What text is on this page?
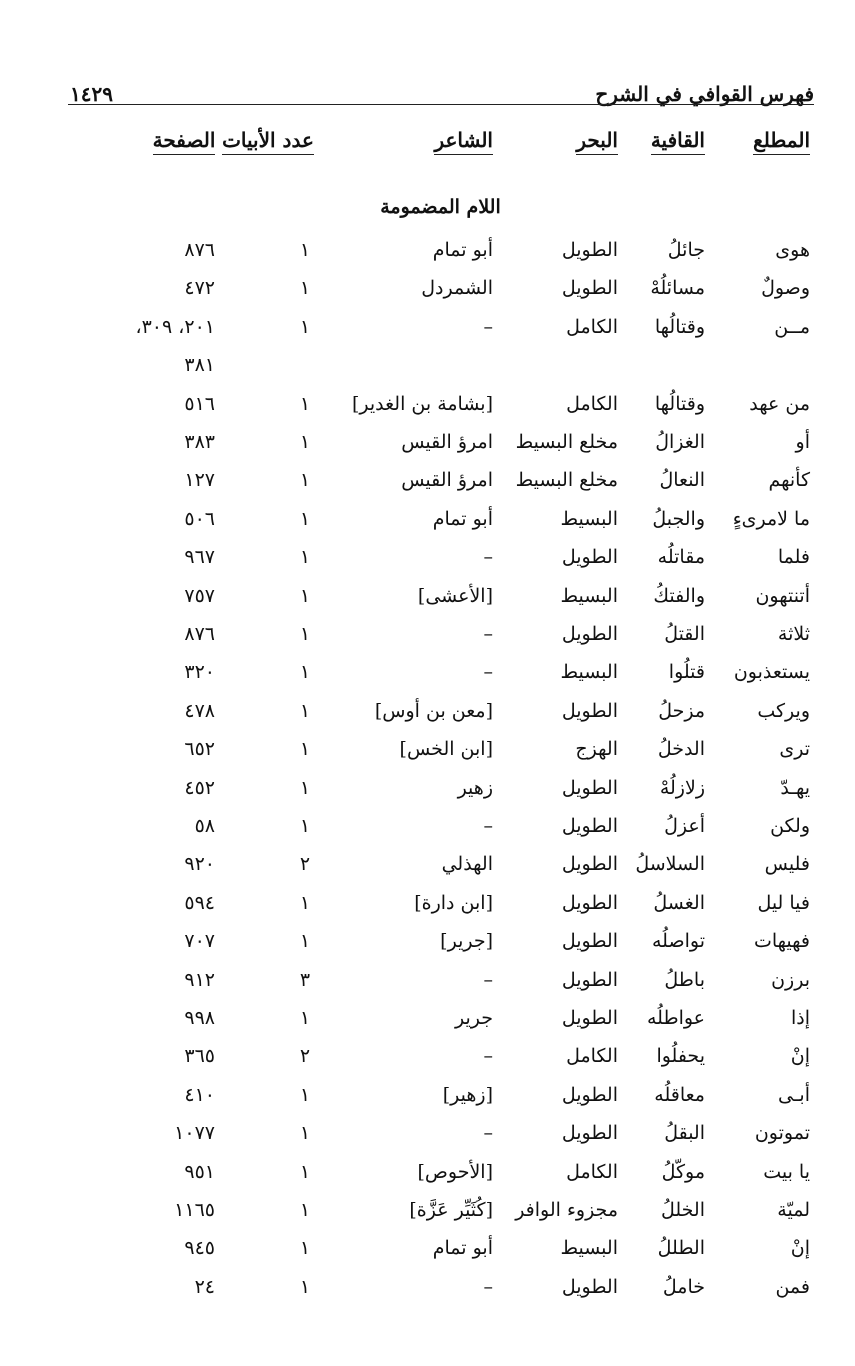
فهرس القوافي في الشرح
١٤٢٩
المطلع
القافية
البحر
الشاعر
عدد الأبيات
الصفحة
اللام المضمومة
هوى
جائلُ
الطويل
أبو تمام
١
٨٧٦
وصولٌ
مسائلُهْ
الطويل
الشمردل
١
٤٧٢
مــن
وقتالُها
الكامل
–
١
٢٠١، ٣٠٩،
٣٨١
من عهد
وقتالُها
الكامل
[بشامة بن الغدير]
١
٥١٦
أو
الغزالُ
مخلع البسيط
امرؤ القيس
١
٣٨٣
كأنهم
النعالُ
مخلع البسيط
امرؤ القيس
١
١٢٧
ما لامرىءٍ
والجبلُ
البسيط
أبو تمام
١
٥٠٦
فلما
مقاتلُه
الطويل
–
١
٩٦٧
أتنتهون
والفتكُ
البسيط
[الأعشى]
١
٧٥٧
ثلاثة
القتلُ
الطويل
–
١
٨٧٦
يستعذبون
قتلُوا
البسيط
–
١
٣٢٠
ويركب
مزحلُ
الطويل
[معن بن أوس]
١
٤٧٨
ترى
الدخلُ
الهزج
[ابن الخس]
١
٦٥٢
يهـدّ
زلازلُهْ
الطويل
زهير
١
٤٥٢
ولكن
أعزلُ
الطويل
–
١
٥٨
فليس
السلاسلُ
الطويل
الهذلي
٢
٩٢٠
فيا ليل
الغسلُ
الطويل
[ابن دارة]
١
٥٩٤
فهيهات
تواصلُه
الطويل
[جرير]
١
٧٠٧
برزن
باطلُ
الطويل
–
٣
٩١٢
إذا
عواطلُه
الطويل
جرير
١
٩٩٨
إنْ
يحفلُوا
الكامل
–
٢
٣٦٥
أبـى
معاقلُه
الطويل
[زهير]
١
٤١٠
تموتون
البقلُ
الطويل
–
١
١٠٧٧
يا بيت
موكّلُ
الكامل
[الأحوص]
١
٩٥١
لميّة
الخللُ
مجزوء الوافر
[كُثَيِّر عَزَّة]
١
١١٦٥
إنْ
الطللُ
البسيط
أبو تمام
١
٩٤٥
فمن
خاملُ
الطويل
–
١
٢٤
